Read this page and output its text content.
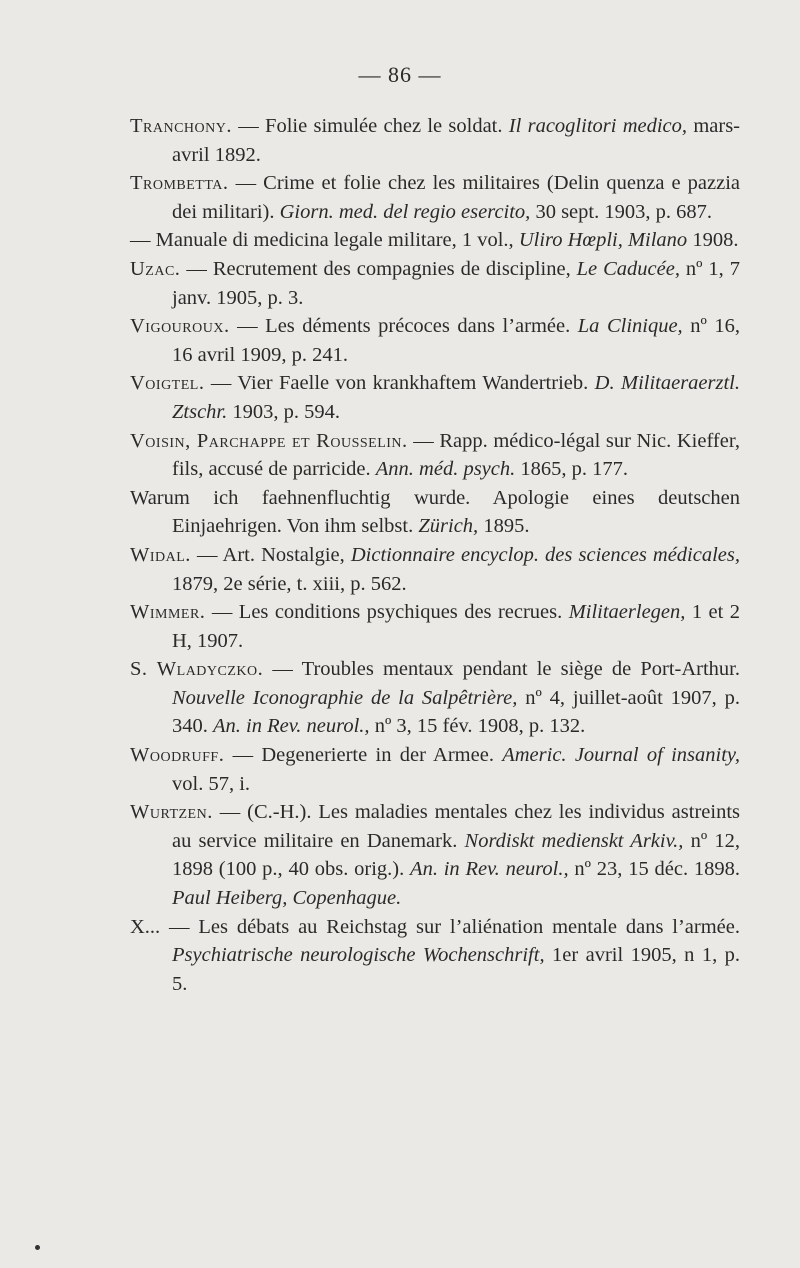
— 86 —
Tranchony. — Folie simulée chez le soldat. Il racoglitori medico, mars-avril 1892.
Trombetta. — Crime et folie chez les militaires (Delin quenza e pazzia dei militari). Giorn. med. del regio esercito, 30 sept. 1903, p. 687.
— Manuale di medicina legale militare, 1 vol., Uliro Hœpli, Milano 1908.
Uzac. — Recrutement des compagnies de discipline, Le Caducée, nº 1, 7 janv. 1905, p. 3.
Vigouroux. — Les déments précoces dans l’armée. La Clinique, nº 16, 16 avril 1909, p. 241.
Voigtel. — Vier Faelle von krankhaftem Wandertrieb. D. Militaeraerztl. Ztschr. 1903, p. 594.
Voisin, Parchappe et Rousselin. — Rapp. médico-légal sur Nic. Kieffer, fils, accusé de parricide. Ann. méd. psych. 1865, p. 177.
Warum ich faehnenfluchtig wurde. Apologie eines deutschen Einjaehrigen. Von ihm selbst. Zürich, 1895.
Widal. — Art. Nostalgie, Dictionnaire encyclop. des sciences médicales, 1879, 2e série, t. xiii, p. 562.
Wimmer. — Les conditions psychiques des recrues. Militaerlegen, 1 et 2 H, 1907.
S. Wladyczko. — Troubles mentaux pendant le siège de Port-Arthur. Nouvelle Iconographie de la Salpêtrière, nº 4, juillet-août 1907, p. 340. An. in Rev. neurol., nº 3, 15 fév. 1908, p. 132.
Woodruff. — Degenerierte in der Armee. Americ. Journal of insanity, vol. 57, i.
Wurtzen. — (C.-H.). Les maladies mentales chez les individus astreints au service militaire en Danemark. Nordiskt medienskt Arkiv., nº 12, 1898 (100 p., 40 obs. orig.). An. in Rev. neurol., nº 23, 15 déc. 1898. Paul Heiberg, Copenhague.
X... — Les débats au Reichstag sur l’aliénation mentale dans l’armée. Psychiatrische neurologische Wochenschrift, 1er avril 1905, n 1, p. 5.
